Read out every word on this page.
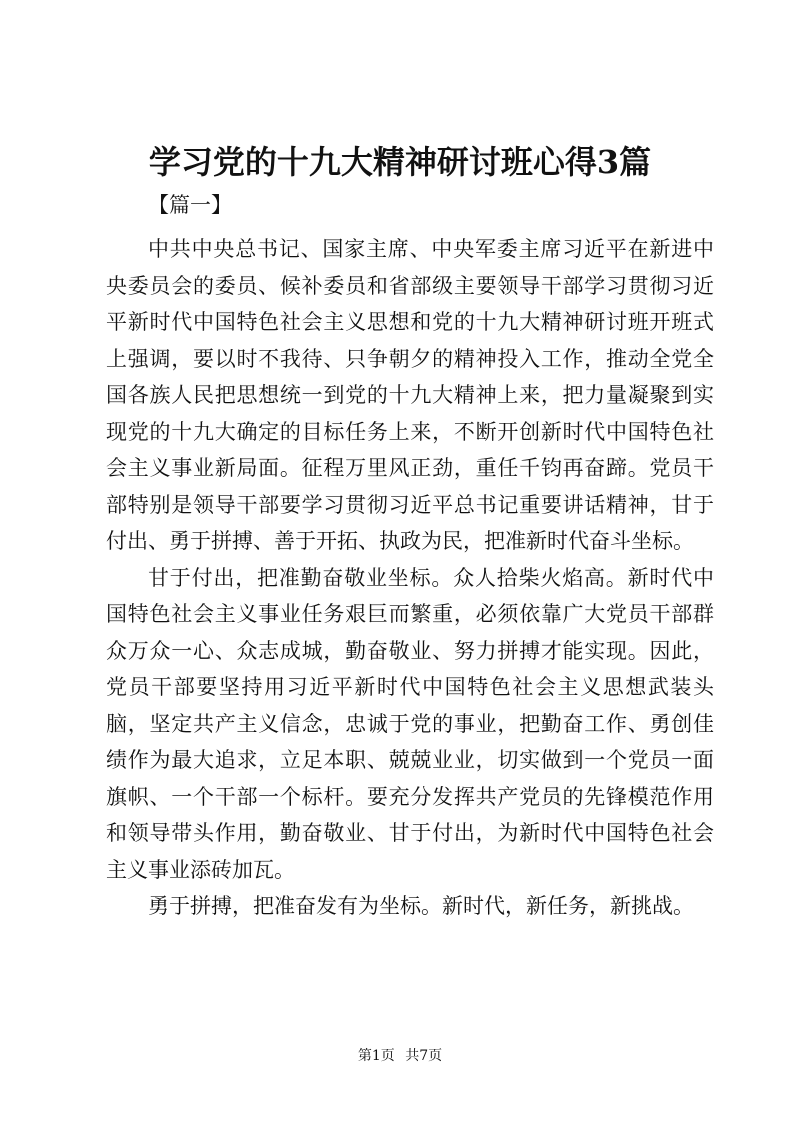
学习党的十九大精神研讨班心得3篇
【篇一】

中共中央总书记、国家主席、中央军委主席习近平在新进中央委员会的委员、候补委员和省部级主要领导干部学习贯彻习近平新时代中国特色社会主义思想和党的十九大精神研讨班开班式上强调，要以时不我待、只争朝夕的精神投入工作，推动全党全国各族人民把思想统一到党的十九大精神上来，把力量凝聚到实现党的十九大确定的目标任务上来，不断开创新时代中国特色社会主义事业新局面。征程万里风正劲，重任千钧再奋蹄。党员干部特别是领导干部要学习贯彻习近平总书记重要讲话精神，甘于付出、勇于拼搏、善于开拓、执政为民，把准新时代奋斗坐标。

甘于付出，把准勤奋敬业坐标。众人拾柴火焰高。新时代中国特色社会主义事业任务艰巨而繁重，必须依靠广大党员干部群众万众一心、众志成城，勤奋敬业、努力拼搏才能实现。因此，党员干部要坚持用习近平新时代中国特色社会主义思想武装头脑，坚定共产主义信念，忠诚于党的事业，把勤奋工作、勇创佳绩作为最大追求，立足本职、兢兢业业，切实做到一个党员一面旗帜、一个干部一个标杆。要充分发挥共产党员的先锋模范作用和领导带头作用，勤奋敬业、甘于付出，为新时代中国特色社会主义事业添砖加瓦。

勇于拼搏，把准奋发有为坐标。新时代，新任务，新挑战。

第1页 共7页
